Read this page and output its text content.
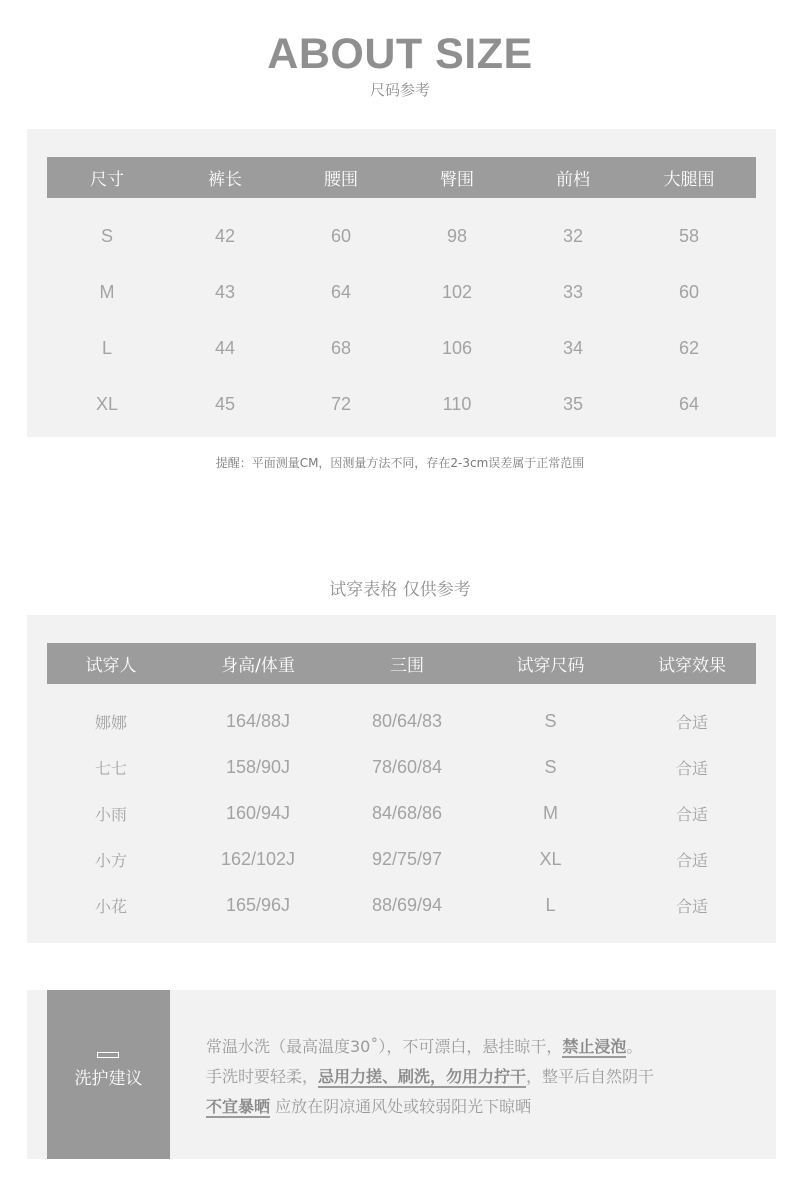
ABOUT SIZE
尺码参考
尺寸	裤长	腰围	臀围	前档	大腿围
S	42	60	98	32	58
M	43	64	102	33	60
L	44	68	106	34	62
XL	45	72	110	35	64
提醒：平面测量CM，因测量方法不同，存在2-3cm误差属于正常范围
试穿表格 仅供参考
试穿人	身高/体重	三围	试穿尺码	试穿效果
娜娜	164/88J	80/64/83	S	合适
七七	158/90J	78/60/84	S	合适
小雨	160/94J	84/68/86	M	合适
小方	162/102J	92/75/97	XL	合适
小花	165/96J	88/69/94	L	合适
洗护建议
常温水洗（最高温度30˚），不可漂白，悬挂晾干，禁止浸泡。
手洗时要轻柔，忌用力搓、刷洗，勿用力拧干，整平后自然阴干
不宜暴晒 应放在阴凉通风处或较弱阳光下晾晒
